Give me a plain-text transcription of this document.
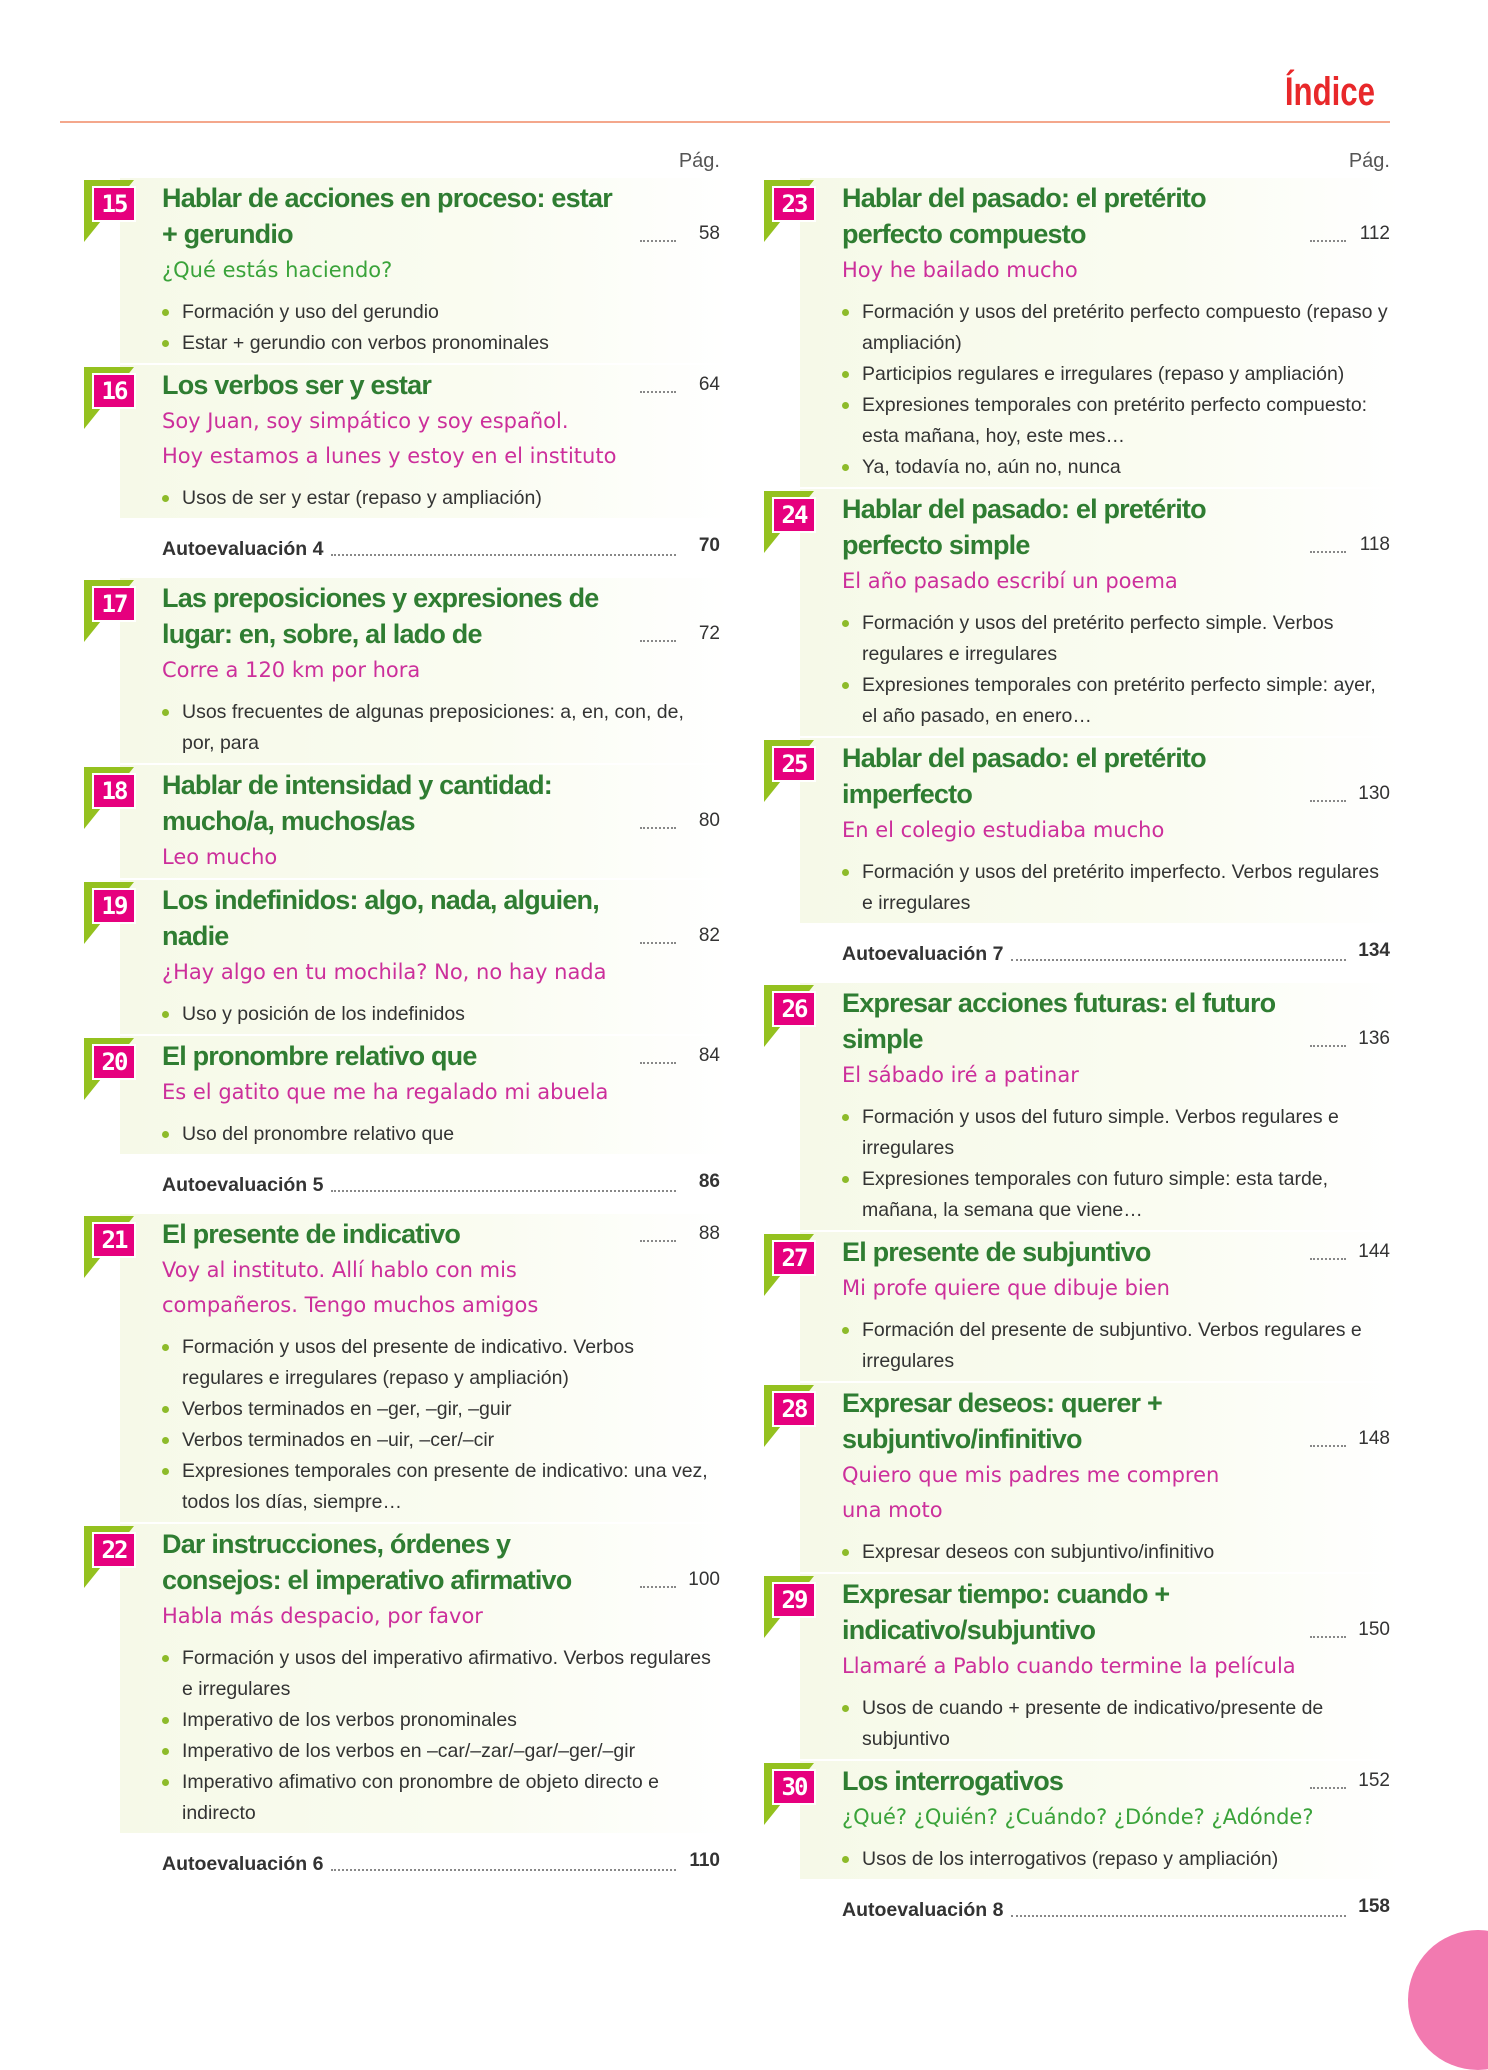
Índice
Pág.
15	Hablar de acciones en proceso: estar + gerundio	58
¿Qué estás haciendo?
Formación y uso del gerundio
Estar + gerundio con verbos pronominales
16	Los verbos ser y estar	64
Soy Juan, soy simpático y soy español.
Hoy estamos a lunes y estoy en el instituto
Usos de ser y estar (repaso y ampliación)
Autoevaluación 4	70
17	Las preposiciones y expresiones de lugar: en, sobre, al lado de	72
Corre a 120 km por hora
Usos frecuentes de algunas preposiciones: a, en, con, de, por, para
18	Hablar de intensidad y cantidad: mucho/a, muchos/as	80
Leo mucho
19	Los indefinidos: algo, nada, alguien, nadie	82
¿Hay algo en tu mochila? No, no hay nada
Uso y posición de los indefinidos
20	El pronombre relativo que	84
Es el gatito que me ha regalado mi abuela
Uso del pronombre relativo que
Autoevaluación 5	86
21	El presente de indicativo	88
Voy al instituto. Allí hablo con mis
compañeros. Tengo muchos amigos
Formación y usos del presente de indicativo. Verbos regulares e irregulares (repaso y ampliación)
Verbos terminados en –ger, –gir, –guir
Verbos terminados en –uir, –cer/–cir
Expresiones temporales con presente de indicativo: una vez, todos los días, siempre…
22	Dar instrucciones, órdenes y consejos: el imperativo afirmativo	100
Habla más despacio, por favor
Formación y usos del imperativo afirmativo. Verbos regulares e irregulares
Imperativo de los verbos pronominales
Imperativo de los verbos en –car/–zar/–gar/–ger/–gir
Imperativo afimativo con pronombre de objeto directo e indirecto
Autoevaluación 6	110
Pág.
23	Hablar del pasado: el pretérito perfecto compuesto	112
Hoy he bailado mucho
Formación y usos del pretérito perfecto compuesto (repaso y ampliación)
Participios regulares e irregulares (repaso y ampliación)
Expresiones temporales con pretérito perfecto compuesto: esta mañana, hoy, este mes…
Ya, todavía no, aún no, nunca
24	Hablar del pasado: el pretérito perfecto simple	118
El año pasado escribí un poema
Formación y usos del pretérito perfecto simple. Verbos regulares e irregulares
Expresiones temporales con pretérito perfecto simple: ayer, el año pasado, en enero…
25	Hablar del pasado: el pretérito imperfecto	130
En el colegio estudiaba mucho
Formación y usos del pretérito imperfecto. Verbos regulares e irregulares
Autoevaluación 7	134
26	Expresar acciones futuras: el futuro simple	136
El sábado iré a patinar
Formación y usos del futuro simple. Verbos regulares e irregulares
Expresiones temporales con futuro simple: esta tarde, mañana, la semana que viene…
27	El presente de subjuntivo	144
Mi profe quiere que dibuje bien
Formación del presente de subjuntivo. Verbos regulares e irregulares
28	Expresar deseos: querer + subjuntivo/infinitivo	148
Quiero que mis padres me compren
una moto
Expresar deseos con subjuntivo/infinitivo
29	Expresar tiempo: cuando + indicativo/subjuntivo	150
Llamaré a Pablo cuando termine la película
Usos de cuando + presente de indicativo/presente de subjuntivo
30	Los interrogativos	152
¿Qué? ¿Quién? ¿Cuándo? ¿Dónde? ¿Adónde?
Usos de los interrogativos (repaso y ampliación)
Autoevaluación 8	158
